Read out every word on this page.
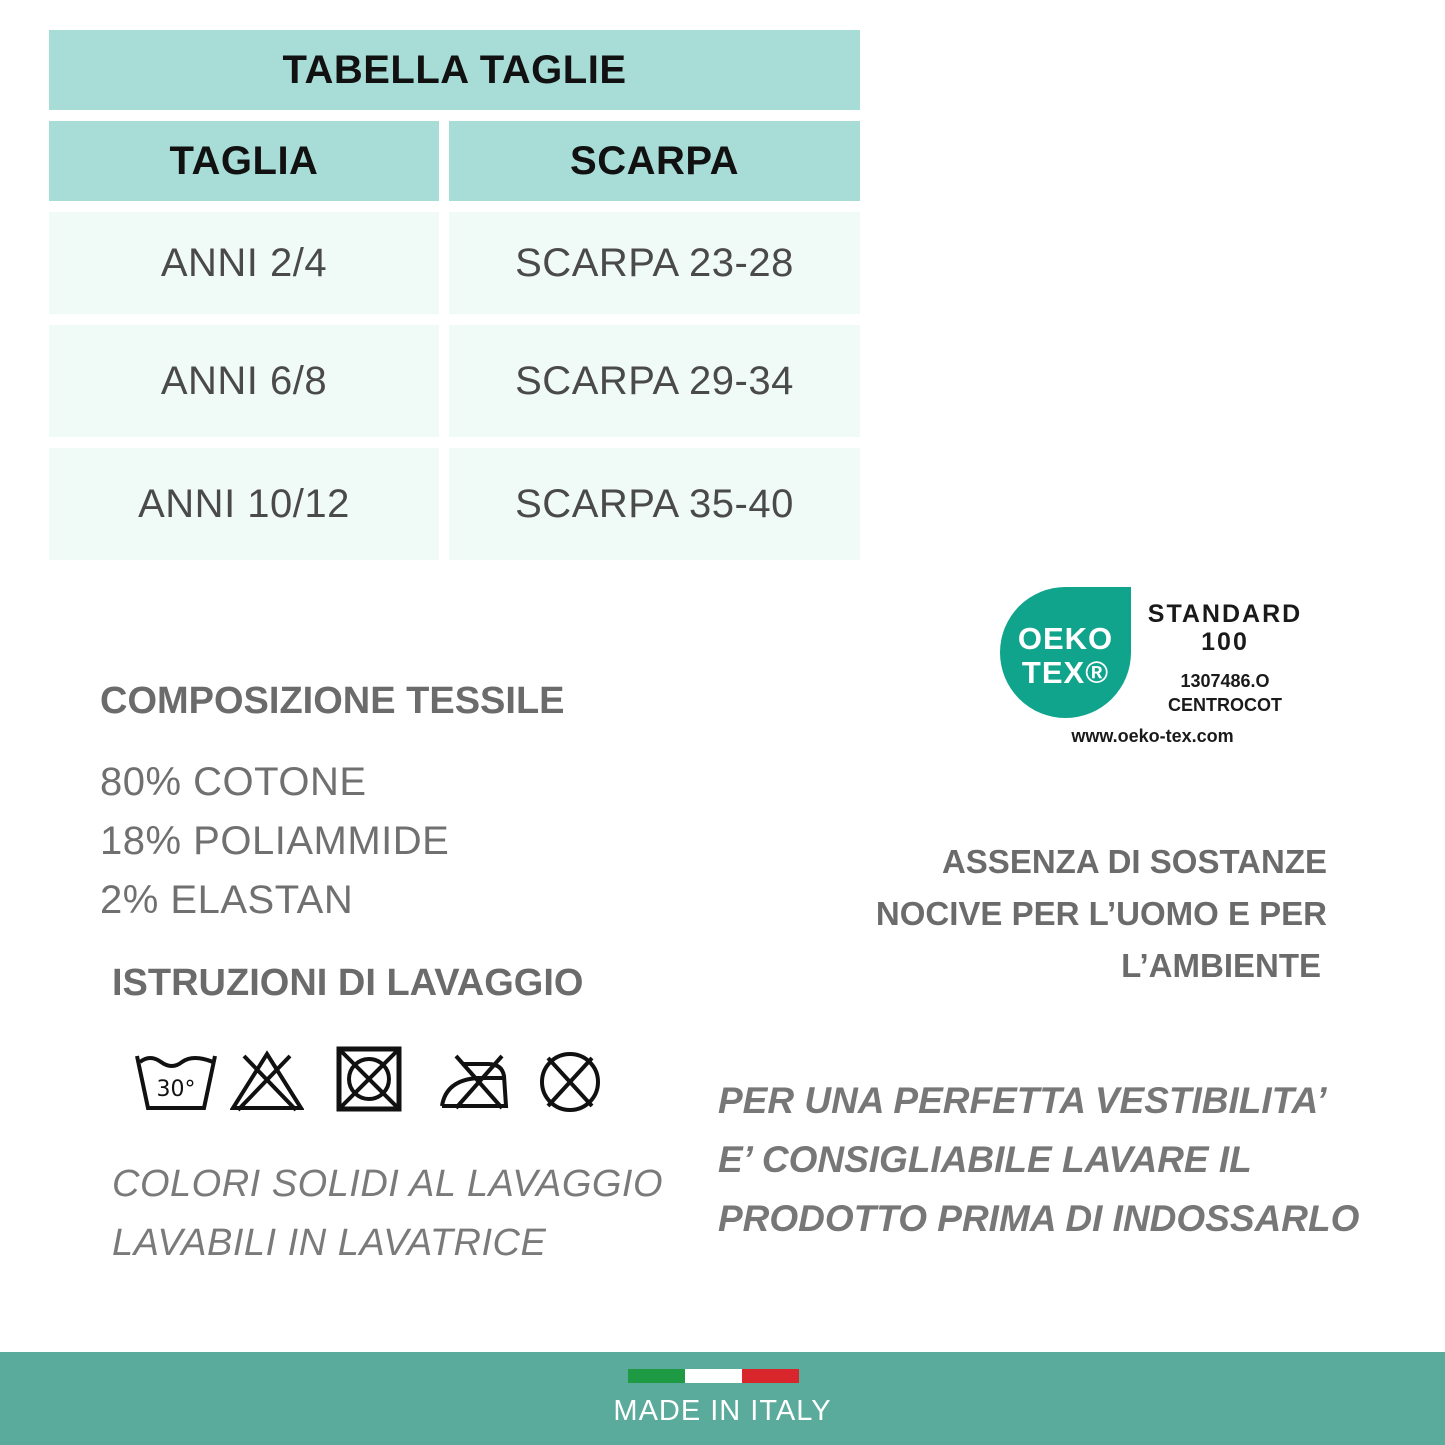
TABELLA TAGLIE
TAGLIA	SCARPA
ANNI 2/4	SCARPA 23-28
ANNI 6/8	SCARPA 29-34
ANNI 10/12	SCARPA 35-40
COMPOSIZIONE TESSILE
80% COTONE
18% POLIAMMIDE
2% ELASTAN
ISTRUZIONI DI LAVAGGIO
30°
COLORI SOLIDI AL LAVAGGIO
LAVABILI IN LAVATRICE
OEKO
TEX®
STANDARD
100
1307486.O
CENTROCOT
www.oeko-tex.com
ASSENZA DI SOSTANZE
NOCIVE PER L’UOMO E PER
L’AMBIENTE
PER UNA PERFETTA VESTIBILITA’
E’ CONSIGLIABILE LAVARE IL
PRODOTTO PRIMA DI INDOSSARLO
MADE IN ITALY
